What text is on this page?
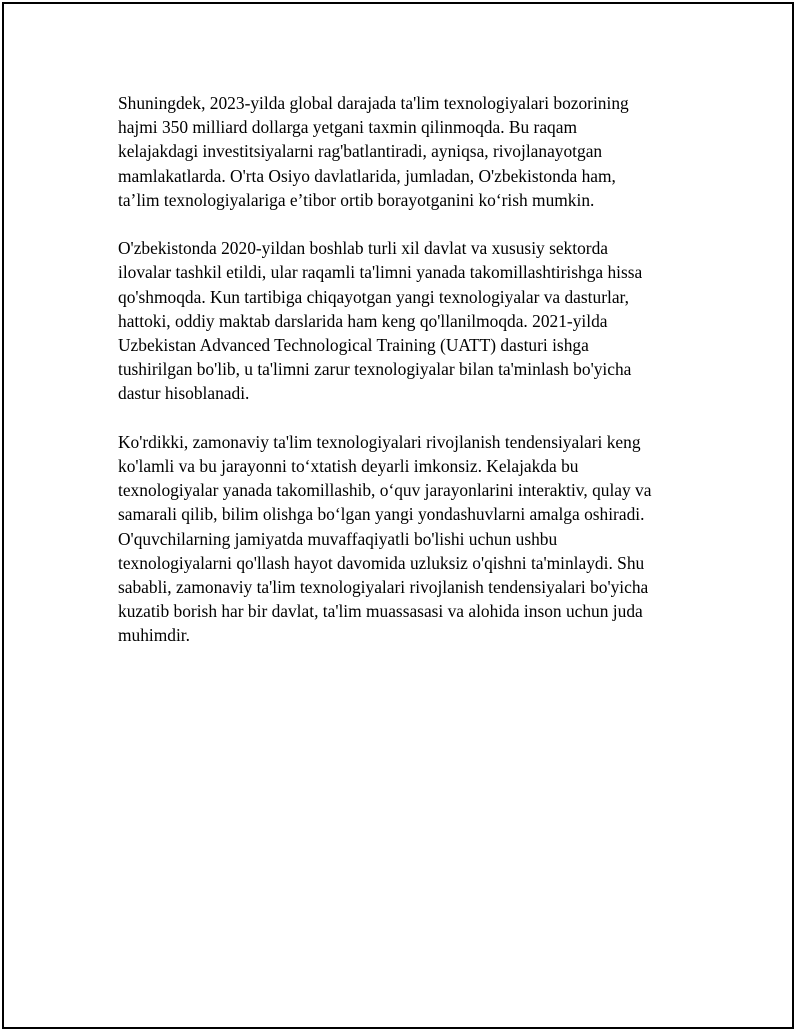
Shuningdek, 2023-yilda global darajada ta'lim texnologiyalari bozorining
hajmi 350 milliard dollarga yetgani taxmin qilinmoqda. Bu raqam
kelajakdagi investitsiyalarni rag'batlantiradi, ayniqsa, rivojlanayotgan
mamlakatlarda. O'rta Osiyo davlatlarida, jumladan, O'zbekistonda ham,
ta’lim texnologiyalariga e’tibor ortib borayotganini ko‘rish mumkin.

O'zbekistonda 2020-yildan boshlab turli xil davlat va xususiy sektorda
ilovalar tashkil etildi, ular raqamli ta'limni yanada takomillashtirishga hissa
qo'shmoqda. Kun tartibiga chiqayotgan yangi texnologiyalar va dasturlar,
hattoki, oddiy maktab darslarida ham keng qo'llanilmoqda. 2021-yilda
Uzbekistan Advanced Technological Training (UATT) dasturi ishga
tushirilgan bo'lib, u ta'limni zarur texnologiyalar bilan ta'minlash bo'yicha
dastur hisoblanadi.

Ko'rdikki, zamonaviy ta'lim texnologiyalari rivojlanish tendensiyalari keng
ko'lamli va bu jarayonni to‘xtatish deyarli imkonsiz. Kelajakda bu
texnologiyalar yanada takomillashib, o‘quv jarayonlarini interaktiv, qulay va
samarali qilib, bilim olishga bo‘lgan yangi yondashuvlarni amalga oshiradi.
O'quvchilarning jamiyatda muvaffaqiyatli bo'lishi uchun ushbu
texnologiyalarni qo'llash hayot davomida uzluksiz o'qishni ta'minlaydi. Shu
sababli, zamonaviy ta'lim texnologiyalari rivojlanish tendensiyalari bo'yicha
kuzatib borish har bir davlat, ta'lim muassasasi va alohida inson uchun juda
muhimdir.
